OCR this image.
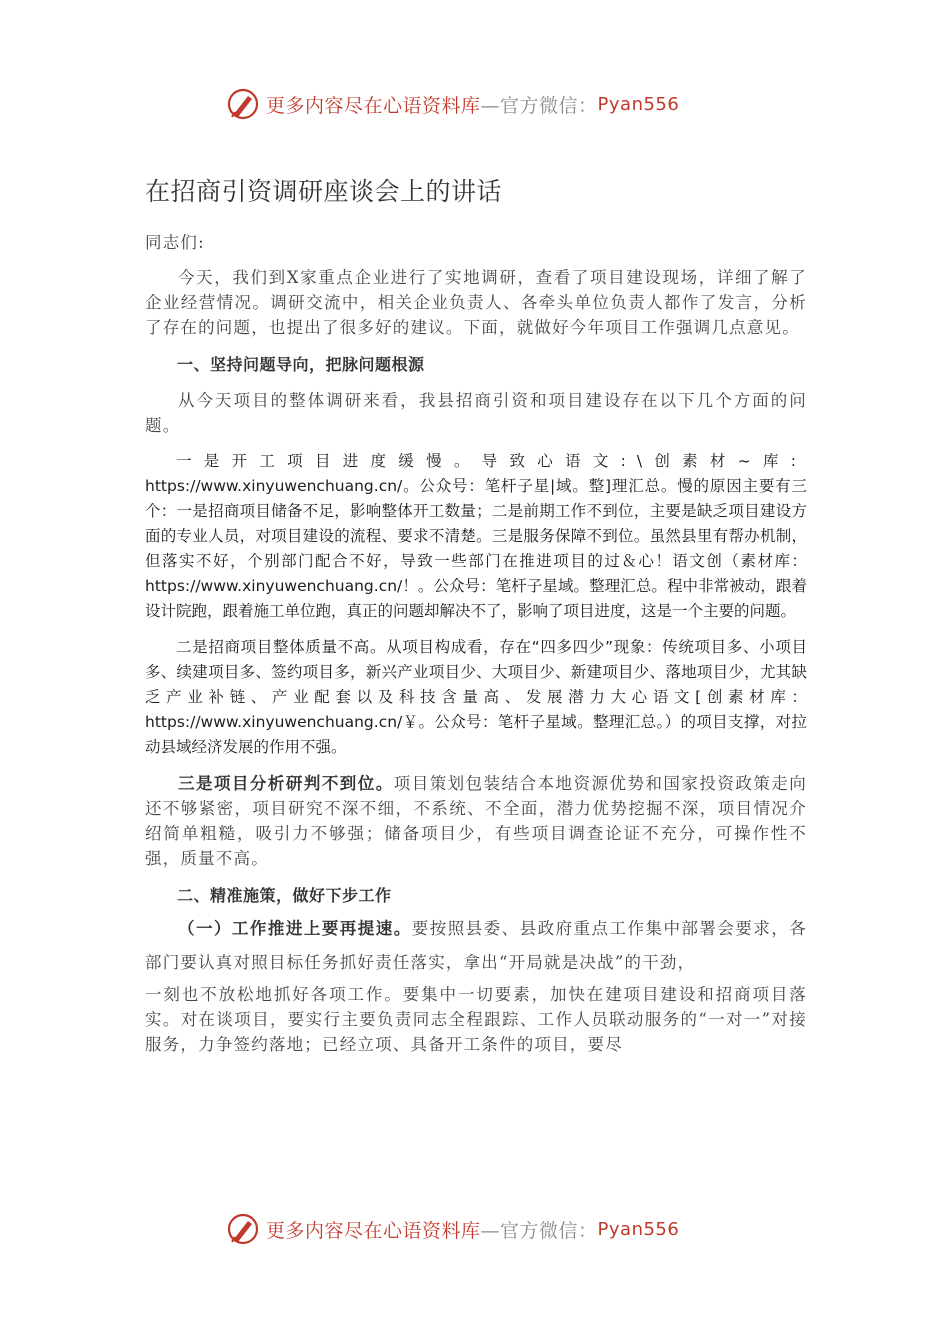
更多内容尽在心语资料库 —官方微信： Pyan556
在招商引资调研座谈会上的讲话

同志们:

今天，我们到X家重点企业进行了实地调研，查看了项目建设现场，详细了解了企业经营情况。调研交流中，相关企业负责人、各牵头单位负责人都作了发言，分析了存在的问题，也提出了很多好的建议。下面，就做好今年项目工作强调几点意见。

一、坚持问题导向，把脉问题根源

从今天项目的整体调研来看，我县招商引资和项目建设存在以下几个方面的问题。

一是开工项目进度缓慢。导致心语文:\创素材~库: https://www.xinyuwenchuang.cn/。公众号：笔杆子星|域。整]理汇总。慢的原因主要有三个：一是招商项目储备不足，影响整体开工数量；二是前期工作不到位，主要是缺乏项目建设方面的专业人员，对项目建设的流程、要求不清楚。三是服务保障不到位。虽然县里有帮办机制，但落实不好，个别部门配合不好，导致一些部门在推进项目的过＆心！语文创（素材库：https://www.xinyuwenchuang.cn/！。公众号：笔杆子星域。整理汇总。程中非常被动，跟着设计院跑，跟着施工单位跑，真正的问题却解决不了，影响了项目进度，这是一个主要的问题。

二是招商项目整体质量不高。从项目构成看，存在“四多四少”现象：传统项目多、小项目多、续建项目多、签约项目多，新兴产业项目少、大项目少、新建项目少、落地项目少，尤其缺乏产业补链、产业配套以及科技含量高、发展潜力大心语文[创素材库：https://www.xinyuwenchuang.cn/￥。公众号：笔杆子星域。整理汇总。）的项目支撑，对拉动县域经济发展的作用不强。

三是项目分析研判不到位。项目策划包装结合本地资源优势和国家投资政策走向还不够紧密，项目研究不深不细，不系统、不全面，潜力优势挖掘不深，项目情况介绍简单粗糙，吸引力不够强；储备项目少，有些项目调查论证不充分，可操作性不强，质量不高。

二、精准施策，做好下步工作

（一）工作推进上要再提速。要按照县委、县政府重点工作集中部署会要求，各部门要认真对照目标任务抓好责任落实，拿出“开局就是决战”的干劲，

一刻也不放松地抓好各项工作。要集中一切要素，加快在建项目建设和招商项目落实。对在谈项目，要实行主要负责同志全程跟踪、工作人员联动服务的“一对一”对接服务，力争签约落地；已经立项、具备开工条件的项目，要尽

更多内容尽在心语资料库 —官方微信： Pyan556
